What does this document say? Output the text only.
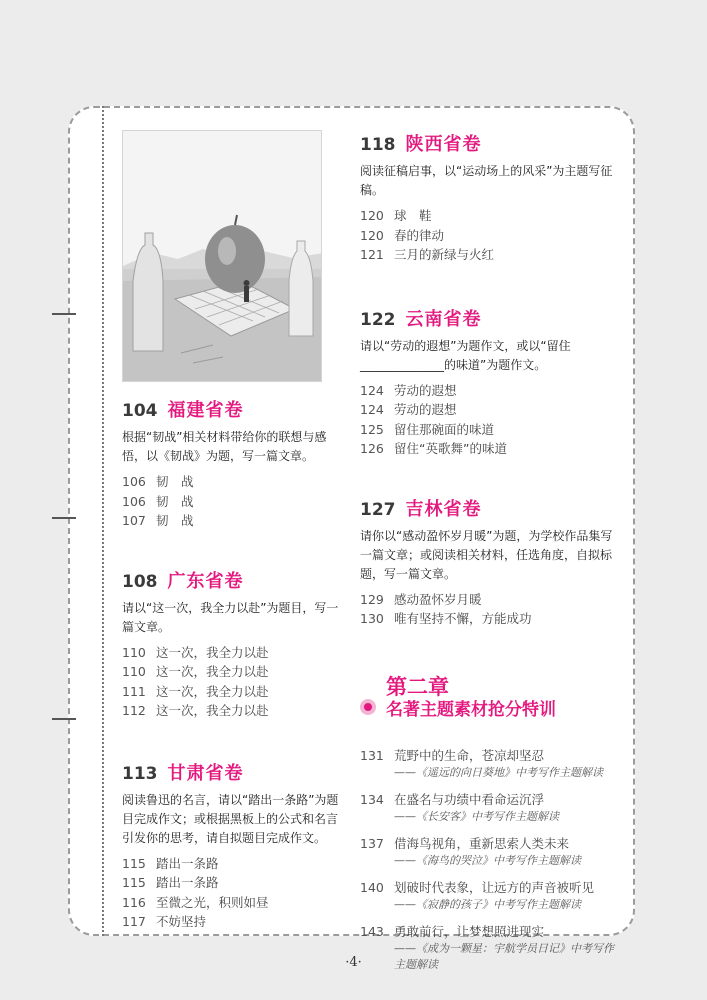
104 福建省卷
根据“韧战”相关材料带给你的联想与感悟，以《韧战》为题，写一篇文章。
106 韧　战
106 韧　战
107 韧　战
108 广东省卷
请以“这一次，我全力以赴”为题目，写一篇文章。
110 这一次，我全力以赴
110 这一次，我全力以赴
111 这一次，我全力以赴
112 这一次，我全力以赴
113 甘肃省卷
阅读鲁迅的名言，请以“踏出一条路”为题目完成作文；或根据黑板上的公式和名言引发你的思考，请自拟题目完成作文。
115 踏出一条路
115 踏出一条路
116 至微之光，积则如昼
117 不妨坚持
118 陕西省卷
阅读征稿启事，以“运动场上的风采”为主题写征稿。
120 球　鞋
120 春的律动
121 三月的新绿与火红
122 云南省卷
请以“劳动的遐想”为题作文，或以“留住______________的味道”为题作文。
124 劳动的遐想
124 劳动的遐想
125 留住那碗面的味道
126 留住“英歌舞”的味道
127 吉林省卷
请你以“感动盈怀岁月暖”为题，为学校作品集写一篇文章；或阅读相关材料，任选角度，自拟标题，写一篇文章。
129 感动盈怀岁月暖
130 唯有坚持不懈，方能成功
第二章
名著主题素材抢分特训
131 荒野中的生命，苍凉却坚忍
——《遥远的向日葵地》中考写作主题解读
134 在盛名与功绩中看命运沉浮
——《长安客》中考写作主题解读
137 借海鸟视角，重新思索人类未来
——《海鸟的哭泣》中考写作主题解读
140 划破时代表象，让远方的声音被听见
——《寂静的孩子》中考写作主题解读
143 勇敢前行，让梦想照进现实
——《成为一颗星：宇航学员日记》中考写作主题解读
·4·
